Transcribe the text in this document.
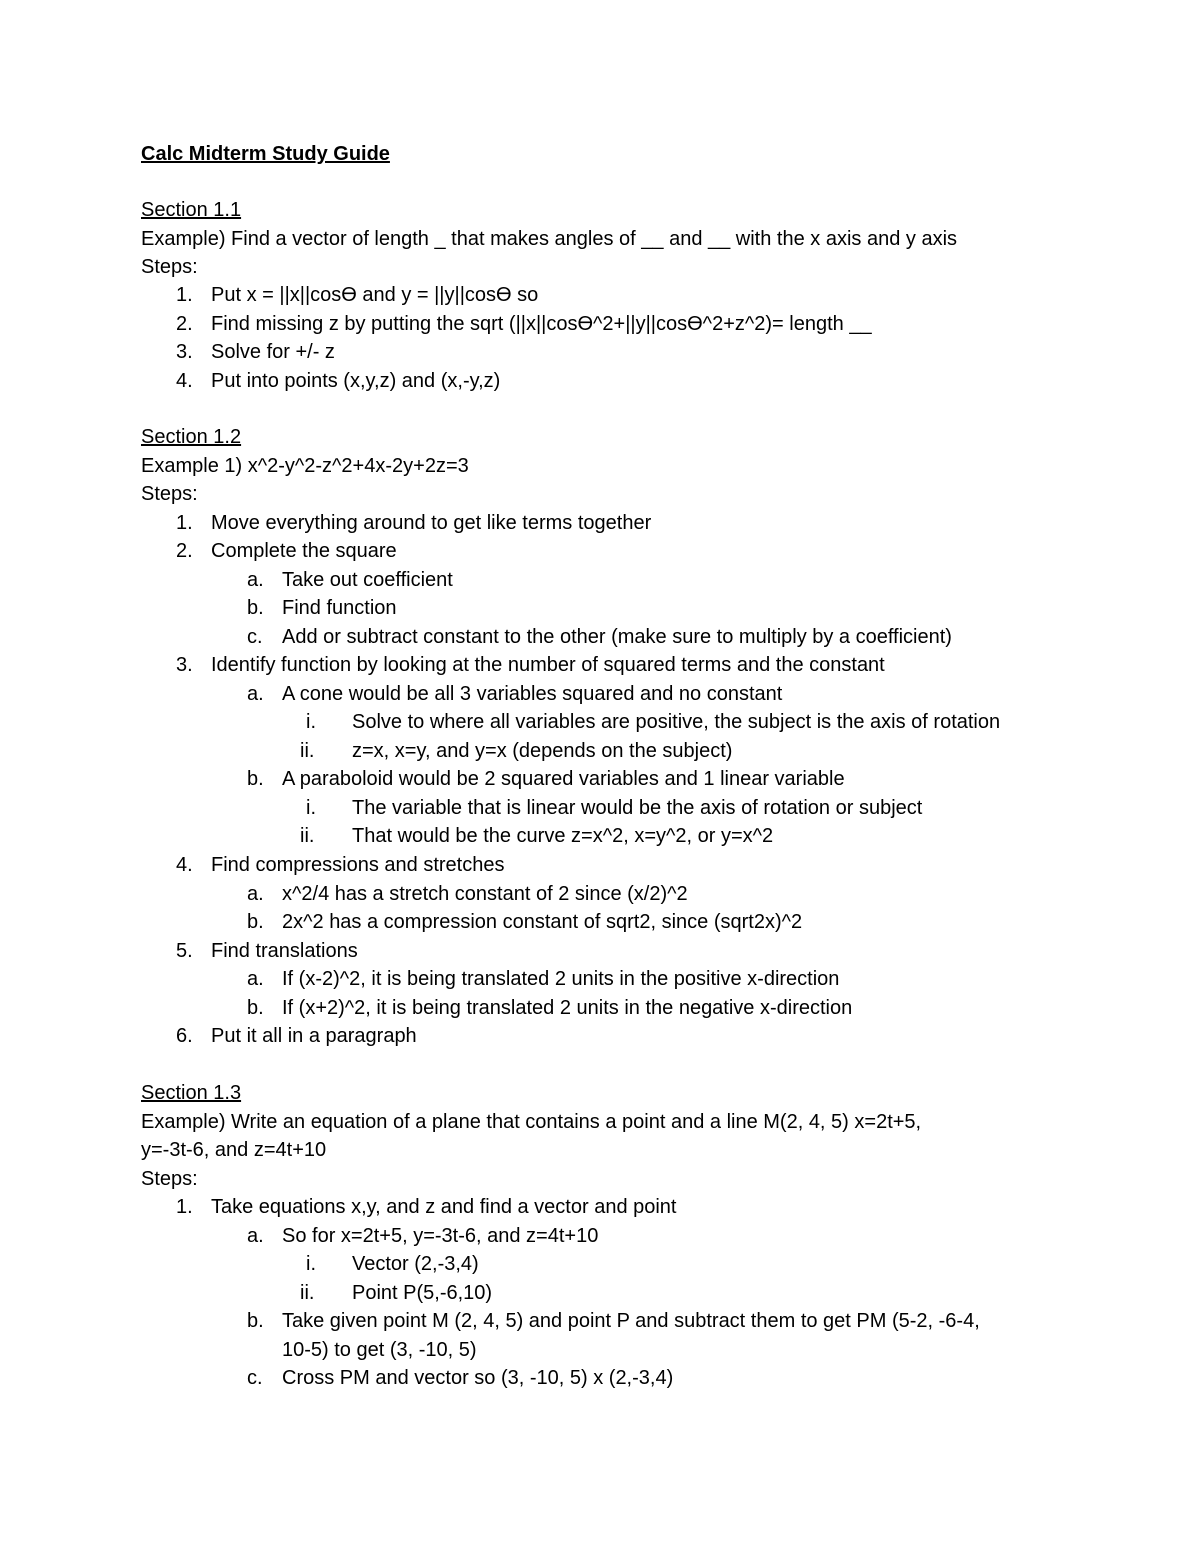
Calc Midterm Study Guide
Section 1.1
Example) Find a vector of length _ that makes angles of __ and __ with the x axis and y axis
Steps:
1. Put x = ||x||cosϴ and y = ||y||cosϴ so
2. Find missing z by putting the sqrt (||x||cosϴ^2+||y||cosϴ^2+z^2)= length __
3. Solve for +/- z
4. Put into points (x,y,z) and (x,-y,z)
Section 1.2
Example 1) x^2-y^2-z^2+4x-2y+2z=3
Steps:
1. Move everything around to get like terms together
2. Complete the square
a. Take out coefficient
b. Find function
c. Add or subtract constant to the other (make sure to multiply by a coefficient)
3. Identify function by looking at the number of squared terms and the constant
a. A cone would be all 3 variables squared and no constant
i. Solve to where all variables are positive, the subject is the axis of rotation
ii. z=x, x=y, and y=x (depends on the subject)
b. A paraboloid would be 2 squared variables and 1 linear variable
i. The variable that is linear would be the axis of rotation or subject
ii. That would be the curve z=x^2, x=y^2, or y=x^2
4. Find compressions and stretches
a. x^2/4 has a stretch constant of 2 since (x/2)^2
b. 2x^2 has a compression constant of sqrt2, since (sqrt2x)^2
5. Find translations
a. If (x-2)^2, it is being translated 2 units in the positive x-direction
b. If (x+2)^2, it is being translated 2 units in the negative x-direction
6. Put it all in a paragraph
Section 1.3
Example) Write an equation of a plane that contains a point and a line M(2, 4, 5) x=2t+5,
y=-3t-6, and z=4t+10
Steps:
1. Take equations x,y, and z and find a vector and point
a. So for x=2t+5, y=-3t-6, and z=4t+10
i. Vector (2,-3,4)
ii. Point P(5,-6,10)
b. Take given point M (2, 4, 5) and point P and subtract them to get PM (5-2, -6-4,
10-5) to get (3, -10, 5)
c. Cross PM and vector so (3, -10, 5) x (2,-3,4)
